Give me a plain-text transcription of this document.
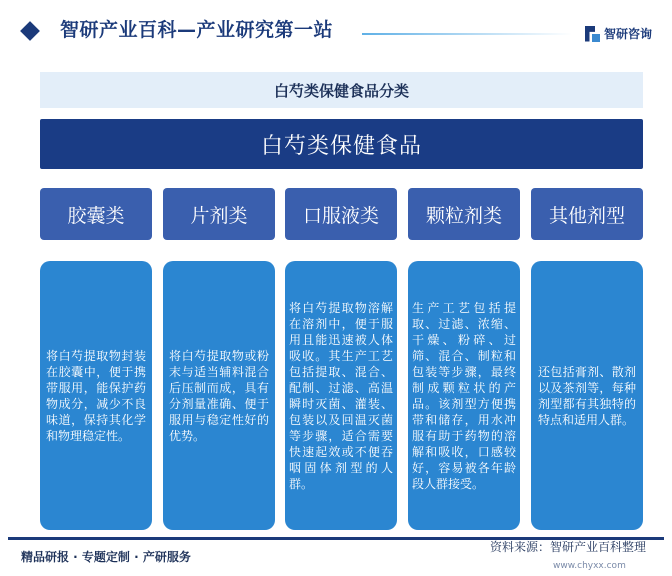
智研产业百科—产业研究第一站	智研咨询
白芍类保健食品分类
白芍类保健食品
胶囊类	片剂类	口服液类 颗粒剂类 其他剂型
将白芍提取物封装在胶囊中，便于携带服用，能保护药物成分，减少不良味道，保持其化学和物理稳定性。
将白芍提取物或粉末与适当辅料混合后压制而成，具有分剂量准确、便于服用与稳定性好的优势。
将白芍提取物溶解在溶剂中，便于服用且能迅速被人体吸收。其生产工艺包括提取、混合、配制、过滤、高温瞬时灭菌、灌装、包装以及回温灭菌等步骤，适合需要快速起效或不便吞咽固体剂型的人群。
生产工艺包括提取、过滤、浓缩、干燥、粉碎、过筛、混合、制粒和包装等步骤，最终制成颗粒状的产品。该剂型方便携带和储存，用水冲服有助于药物的溶解和吸收，口感较好，容易被各年龄段人群接受。
还包括膏剂、散剂以及茶剂等，每种剂型都有其独特的特点和适用人群。
精品研报 · 专题定制 · 产研服务
资料来源：智研产业百科整理
www.chyxx.com
